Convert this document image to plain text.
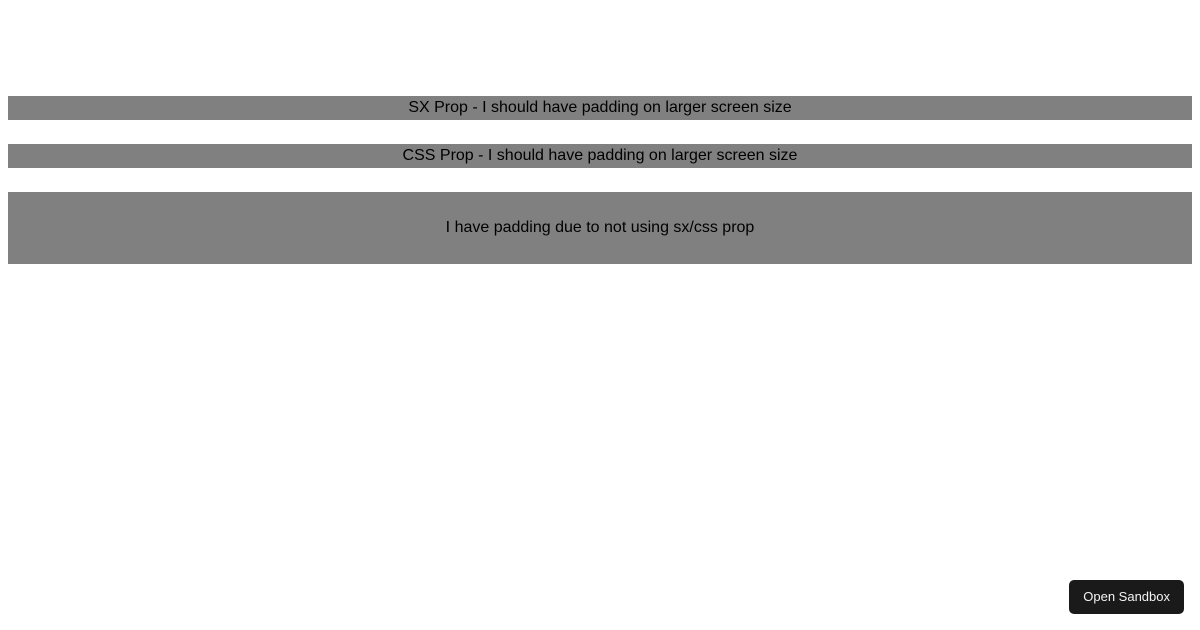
SX Prop - I should have padding on larger screen size
CSS Prop - I should have padding on larger screen size
I have padding due to not using sx/css prop
Open Sandbox
